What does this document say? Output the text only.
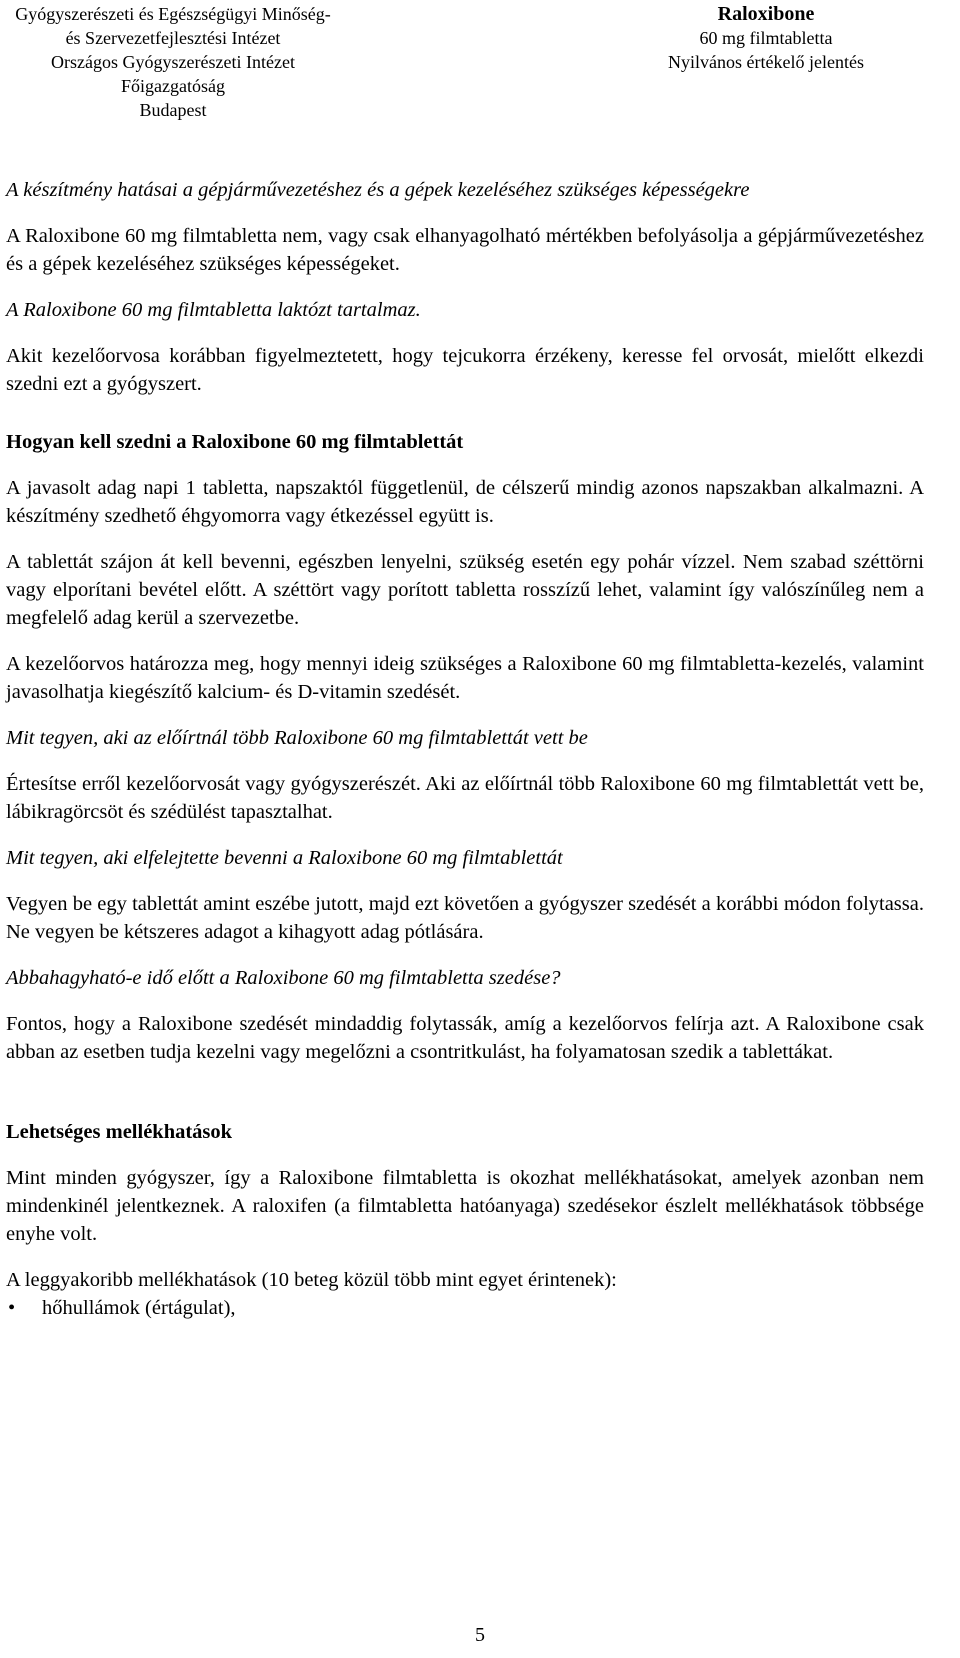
Gyógyszerészeti és Egészségügyi Minőség-
és Szervezetfejlesztési Intézet
Országos Gyógyszerészeti Intézet
Főigazgatóság
Budapest
Raloxibone
60 mg filmtabletta
Nyilvános értékelő jelentés

A készítmény hatásai a gépjárművezetéshez és a gépek kezeléséhez szükséges képességekre

A Raloxibone 60 mg filmtabletta nem, vagy csak elhanyagolható mértékben befolyásolja a gépjárművezetéshez és a gépek kezeléséhez szükséges képességeket.

A Raloxibone 60 mg filmtabletta laktózt tartalmaz.

Akit kezelőorvosa korábban figyelmeztetett, hogy tejcukorra érzékeny, keresse fel orvosát, mielőtt elkezdi szedni ezt a gyógyszert.

Hogyan kell szedni a Raloxibone 60 mg filmtablettát

A javasolt adag napi 1 tabletta, napszaktól függetlenül, de célszerű mindig azonos napszakban alkalmazni. A készítmény szedhető éhgyomorra vagy étkezéssel együtt is.

A tablettát szájon át kell bevenni, egészben lenyelni, szükség esetén egy pohár vízzel. Nem szabad széttörni vagy elporítani bevétel előtt. A széttört vagy porított tabletta rosszízű lehet, valamint így valószínűleg nem a megfelelő adag kerül a szervezetbe.

A kezelőorvos határozza meg, hogy mennyi ideig szükséges a Raloxibone 60 mg filmtabletta-kezelés, valamint javasolhatja kiegészítő kalcium- és D-vitamin szedését.

Mit tegyen, aki az előírtnál több Raloxibone 60 mg filmtablettát vett be

Értesítse erről kezelőorvosát vagy gyógyszerészét. Aki az előírtnál több Raloxibone 60 mg filmtablettát vett be, lábikragörcsöt és szédülést tapasztalhat.

Mit tegyen, aki elfelejtette bevenni a Raloxibone 60 mg filmtablettát

Vegyen be egy tablettát amint eszébe jutott, majd ezt követően a gyógyszer szedését a korábbi módon folytassa. Ne vegyen be kétszeres adagot a kihagyott adag pótlására.

Abbahagyható-e idő előtt a Raloxibone 60 mg filmtabletta szedése?

Fontos, hogy a Raloxibone szedését mindaddig folytassák, amíg a kezelőorvos felírja azt. A Raloxibone csak abban az esetben tudja kezelni vagy megelőzni a csontritkulást, ha folyamatosan szedik a tablettákat.

Lehetséges mellékhatások

Mint minden gyógyszer, így a Raloxibone filmtabletta is okozhat mellékhatásokat, amelyek azonban nem mindenkinél jelentkeznek. A raloxifen (a filmtabletta hatóanyaga) szedésekor észlelt mellékhatások többsége enyhe volt.

A leggyakoribb mellékhatások (10 beteg közül több mint egyet érintenek):

• hőhullámok (értágulat),
5
